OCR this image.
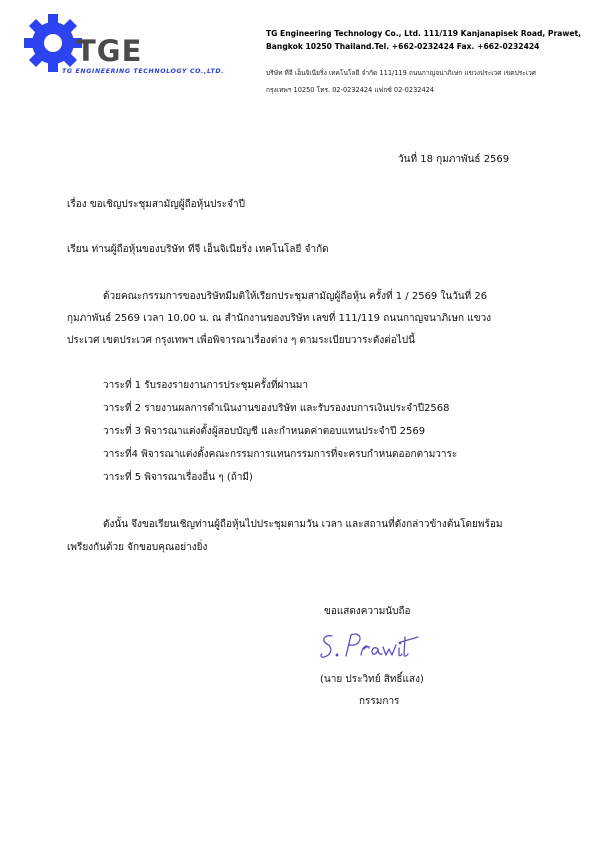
TGE
TG ENGINEERING TECHNOLOGY CO.,LTD.
TG Engineering Technology Co., Ltd. 111/119 Kanjanapisek Road, Prawet,
Bangkok 10250 Thailand.Tel. +662-0232424 Fax. +662-0232424
บริษัท ทีจี เอ็นจิเนียริ่ง เทคโนโลยี จำกัด 111/119 ถนนกาญจนาภิเษก แขวงประเวศ เขตประเวศ
กรุงเทพฯ 10250 โทร. 02-0232424 แฟกซ์ 02-0232424
วันที่ 18 กุมภาพันธ์ 2569
เรื่อง ขอเชิญประชุมสามัญผู้ถือหุ้นประจำปี
เรียน ท่านผู้ถือหุ้นของบริษัท ทีจี เอ็นจิเนียริ่ง เทคโนโลยี จำกัด
ด้วยคณะกรรมการของบริษัทมีมติให้เรียกประชุมสามัญผู้ถือหุ้น ครั้งที่ 1 / 2569 ในวันที่ 26
กุมภาพันธ์ 2569 เวลา 10.00 น. ณ สำนักงานของบริษัท เลขที่ 111/119 ถนนกาญจนาภิเษก แขวง
ประเวศ เขตประเวศ กรุงเทพฯ เพื่อพิจารณาเรื่องต่าง ๆ ตามระเบียบวาระดังต่อไปนี้
วาระที่ 1 รับรองรายงานการประชุมครั้งที่ผ่านมา
วาระที่ 2 รายงานผลการดำเนินงานของบริษัท และรับรองงบการเงินประจำปี2568
วาระที่ 3 พิจารณาแต่งตั้งผู้สอบบัญชี และกำหนดค่าตอบแทนประจำปี 2569
วาระที่4 พิจารณาแต่งตั้งคณะกรรมการแทนกรรมการที่จะครบกำหนดออกตามวาระ
วาระที่ 5 พิจารณาเรื่องอื่น ๆ (ถ้ามี)
ดังนั้น จึงขอเรียนเชิญท่านผู้ถือหุ้นไปประชุมตามวัน เวลา และสถานที่ดังกล่าวข้างต้นโดยพร้อม
เพรียงกันด้วย จักขอบคุณอย่างยิ่ง
ขอแสดงความนับถือ
(นาย ประวิทย์ สิทธิ์แสง)
กรรมการ
